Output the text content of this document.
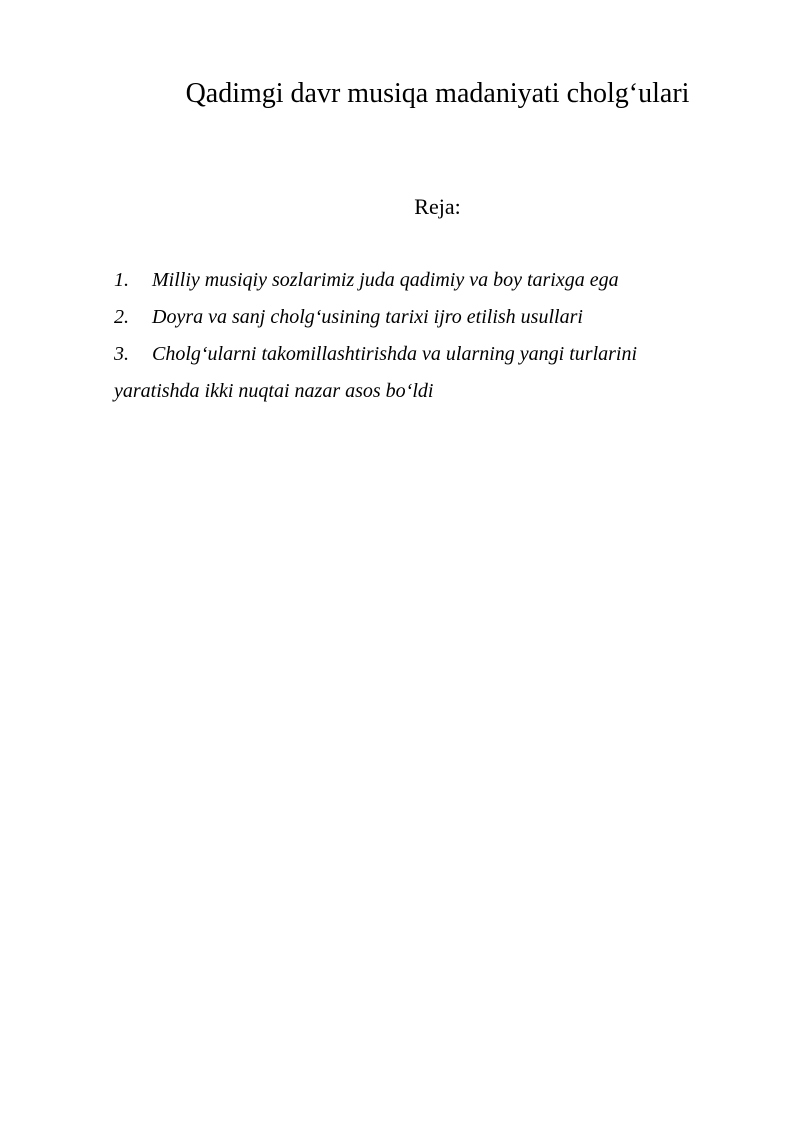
Qadimgi davr musiqa madaniyati cholg‘ulari
Reja:
1. Milliy musiqiy sozlarimiz juda qadimiy va boy tarixga ega
2. Doyra va sanj cholg‘usining tarixi ijro etilish usullari
3. Cholg‘ularni takomillashtirishda va ularning yangi turlarini
yaratishda ikki nuqtai nazar asos bo‘ldi
